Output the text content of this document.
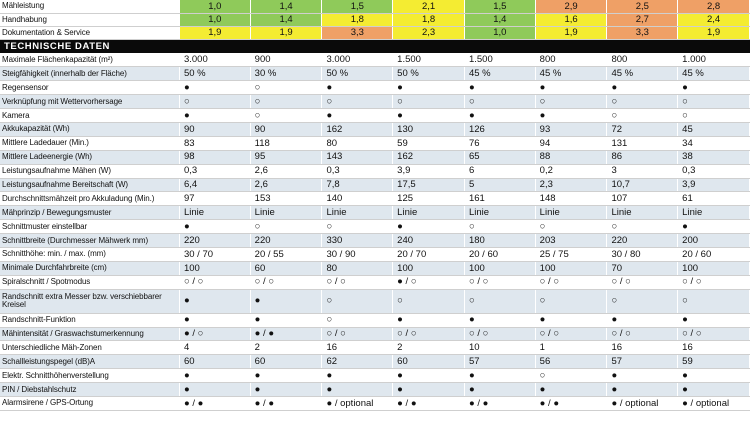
Mähleistung	1,0	1,4	1,5	2,1	1,5	2,9	2,5	2,8
Handhabung	1,0	1,4	1,8	1,8	1,4	1,6	2,7	2,4
Dokumentation & Service	1,9	1,9	3,3	2,3	1,0	1,9	3,3	1,9
TECHNISCHE DATEN								
Maximale Flächenkapazität (m²)	3.000	900	3.000	1.500	1.500	800	800	1.000
Steigfähigkeit (innerhalb der Fläche)	50 %	30 %	50 %	50 %	45 %	45 %	45 %	45 %
Regensensor	●	○	●	●	●	●	●	●
Verknüpfung mit Wettervorhersage	○	○	○	○	○	○	○	○
Kamera	●	○	●	●	●	●	○	○
Akkukapazität (Wh)	90	90	162	130	126	93	72	45
Mittlere Ladedauer (Min.)	83	118	80	59	76	94	131	34
Mittlere Ladeenergie (Wh)	98	95	143	162	65	88	86	38
Leistungsaufnahme Mähen (W)	0,3	2,6	0,3	3,9	6	0,2	3	0,3
Leistungsaufnahme Bereitschaft (W)	6,4	2,6	7,8	17,5	5	2,3	10,7	3,9
Durchschnittsmähzeit pro Akkuladung (Min.)	97	153	140	125	161	148	107	61
Mähprinzip / Bewegungsmuster	Linie	Linie	Linie	Linie	Linie	Linie	Linie	Linie
Schnittmuster einstellbar	●	○	○	●	○	○	○	●
Schnittbreite (Durchmesser Mähwerk mm)	220	220	330	240	180	203	220	200
Schnitthöhe: min. / max. (mm)	30 / 70	20 / 55	30 / 90	20 / 70	20 / 60	25 / 75	30 / 80	20 / 60
Minimale Durchfahrbreite (cm)	100	60	80	100	100	100	70	100
Spiralschnitt / Spotmodus	○ / ○	○ / ○	○ / ○	● / ○	○ / ○	○ / ○	○ / ○	○ / ○
Randschnitt extra Messer bzw. verschiebbarer Kreisel	●	●	○	○	○	○	○	○
Randschnitt-Funktion	●	●	○	●	●	●	●	●
Mähintensität / Graswachstumerkennung	● / ○	● / ●	○ / ○	○ / ○	○ / ○	○ / ○	○ / ○	○ / ○
Unterschiedliche Mäh-Zonen	4	2	16	2	10	1	16	16
Schallleistungspegel (dB)A	60	60	62	60	57	56	57	59
Elektr. Schnitthöhenverstellung	●	●	●	●	●	○	●	●
PIN / Diebstahlschutz	●	●	●	●	●	●	●	●
Alarmsirene / GPS-Ortung	● / ●	● / ●	● / optional	● / ●	● / ●	● / ●	● / optional	● / optional
